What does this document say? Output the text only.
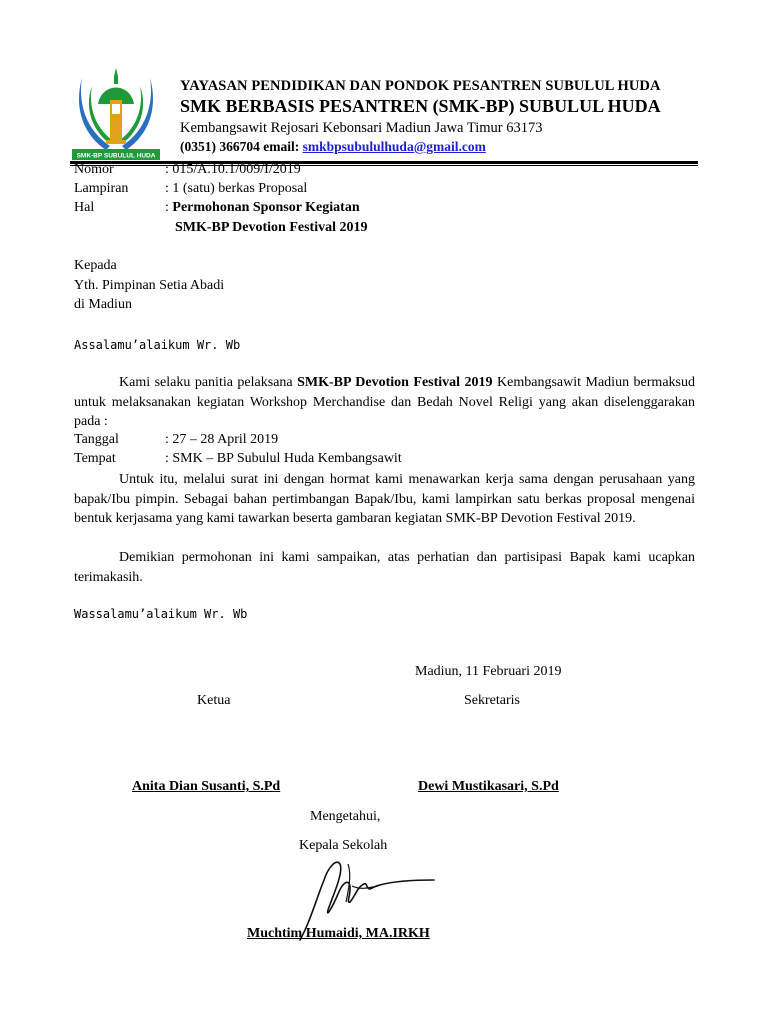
SMK-BP SUBULUL HUDA
YAYASAN PENDIDIKAN DAN PONDOK PESANTREN SUBULUL HUDA
SMK BERBASIS PESANTREN (SMK-BP) SUBULUL HUDA
Kembangsawit Rejosari Kebonsari Madiun Jawa Timur 63173
(0351) 366704 email: smkbpsubululhuda@gmail.com
Nomor	: 015/A.10.1/009/I/2019
Lampiran	: 1 (satu) berkas Proposal
Hal	: Permohonan Sponsor Kegiatan
SMK-BP Devotion Festival 2019
Kepada
Yth. Pimpinan Setia Abadi
di Madiun
Assalamu’alaikum Wr. Wb

Kami selaku panitia pelaksana SMK-BP Devotion Festival 2019 Kembangsawit Madiun bermaksud untuk melaksanakan kegiatan Workshop Merchandise dan Bedah Novel Religi yang akan diselenggarakan pada :

Tanggal	: 27 – 28 April 2019
Tempat	: SMK – BP Subulul Huda Kembangsawit

Untuk itu, melalui surat ini dengan hormat kami menawarkan kerja sama dengan perusahaan yang bapak/Ibu pimpin. Sebagai bahan pertimbangan Bapak/Ibu, kami lampirkan satu berkas proposal mengenai bentuk kerjasama yang kami tawarkan beserta gambaran kegiatan SMK-BP Devotion Festival 2019.

Demikian permohonan ini kami sampaikan, atas perhatian dan partisipasi Bapak kami ucapkan terimakasih.

Wassalamu’alaikum Wr. Wb
Madiun, 11 Februari 2019
Ketua	Sekretaris
Anita Dian Susanti, S.Pd	Dewi Mustikasari, S.Pd
Mengetahui,
Kepala Sekolah
Muchtim Humaidi, MA.IRKH
